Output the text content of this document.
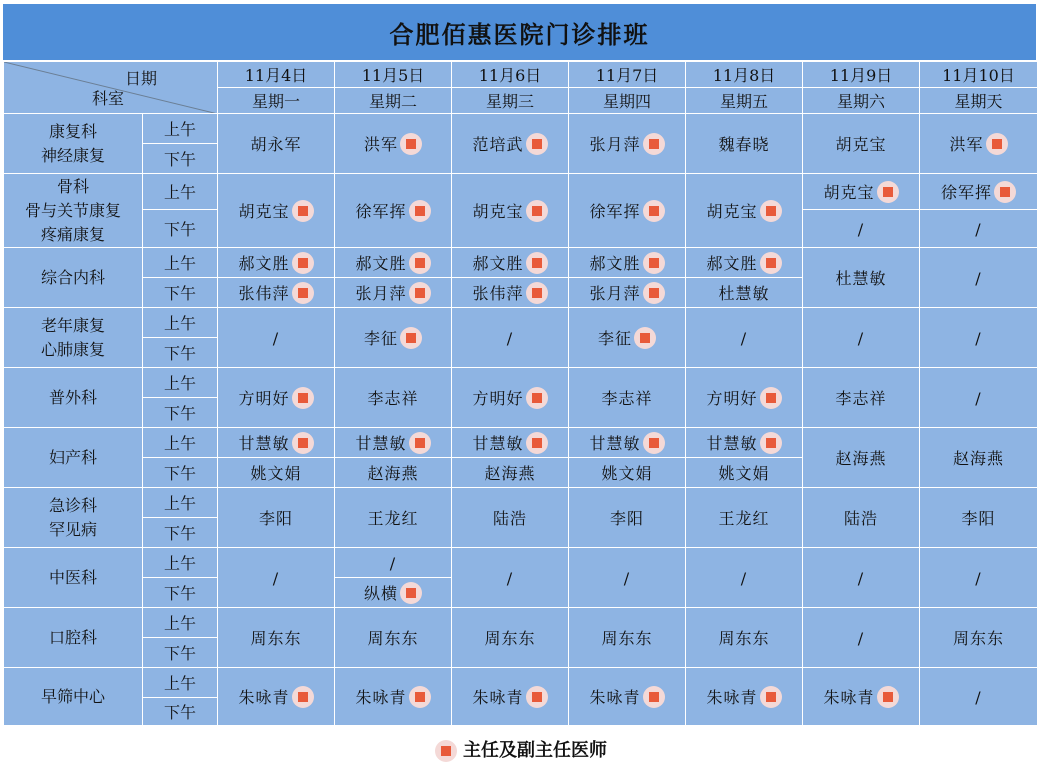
合肥佰惠医院门诊排班
日期
科室		11月4日	11月5日	11月6日	11月7日	11月8日	11月9日	11月10日
		星期一	星期二	星期三	星期四	星期五	星期六	星期天
康复科
神经康复	上午	胡永军	洪军	范培武	张月萍	魏春晓	胡克宝	洪军
	下午							
骨科
骨与关节康复
疼痛康复	上午	胡克宝	徐军挥	胡克宝	徐军挥	胡克宝	胡克宝	徐军挥
	下午						/	/
综合内科	上午	郝文胜	郝文胜	郝文胜	郝文胜	郝文胜	杜慧敏	/
	下午	张伟萍	张月萍	张伟萍	张月萍	杜慧敏		
老年康复
心肺康复	上午	/	李征	/	李征	/	/	/
	下午							
普外科	上午	方明好	李志祥	方明好	李志祥	方明好	李志祥	/
	下午							
妇产科	上午	甘慧敏	甘慧敏	甘慧敏	甘慧敏	甘慧敏	赵海燕	赵海燕
	下午	姚文娟	赵海燕	赵海燕	姚文娟	姚文娟		
急诊科
罕见病	上午	李阳	王龙红	陆浩	李阳	王龙红	陆浩	李阳
	下午							
中医科	上午	/	/	/	/	/	/	/
	下午		纵横					
口腔科	上午	周东东	周东东	周东东	周东东	周东东	/	周东东
	下午							
早筛中心	上午	朱咏青	朱咏青	朱咏青	朱咏青	朱咏青	朱咏青	/
	下午							
主任及副主任医师
